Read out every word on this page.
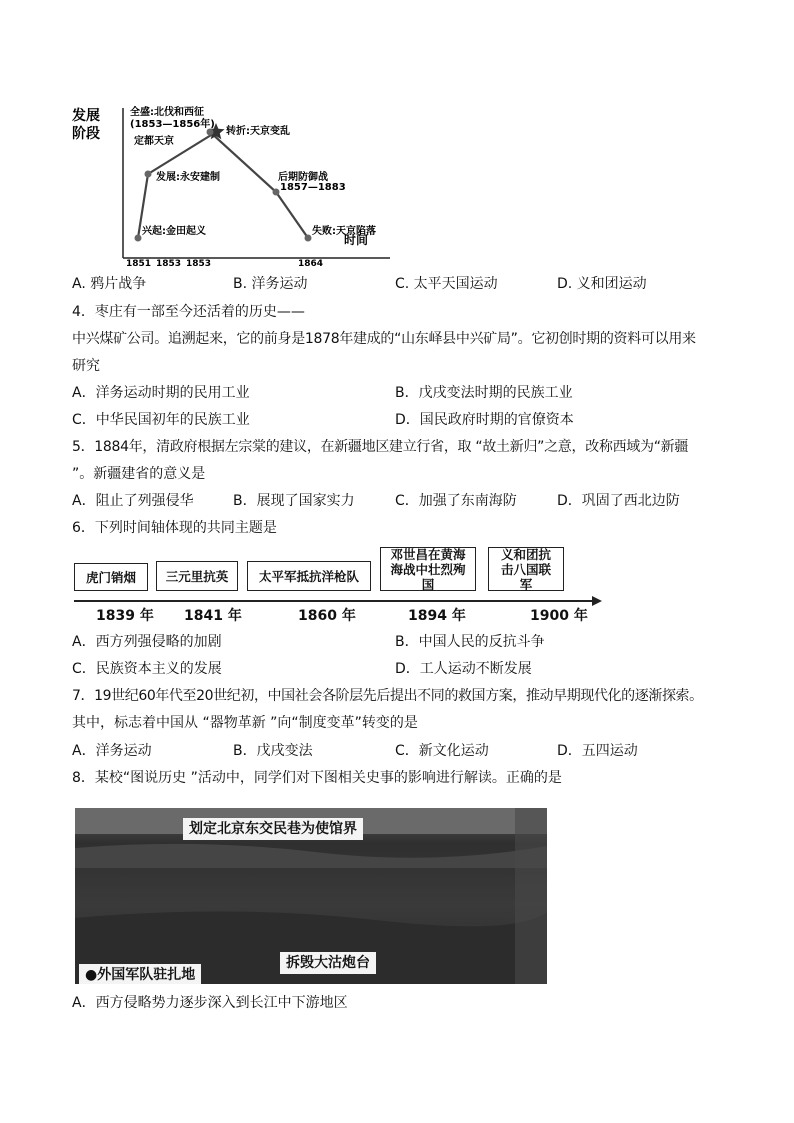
发展
阶段
时间
兴起:金田起义
发展:永安建制
定都天京
转折:天京变乱
后期防御战
失败:天京陷落
1851 1853 1853	1864
全盛:北伐和西征
(1853—1856年)
1857—1883
A. 鸦片战争	B. 洋务运动	C. 太平天国运动	D. 义和团运动
4．枣庄有一部至今还活着的历史——
中兴煤矿公司。追溯起来，它的前身是1878年建成的“山东峄县中兴矿局”。它初创时期的资料可以用来
研究
A．洋务运动时期的民用工业	B．戊戌变法时期的民族工业
C．中华民国初年的民族工业	D．国民政府时期的官僚资本
5．1884年，清政府根据左宗棠的建议，在新疆地区建立行省，取 “故土新归”之意，改称西域为“新疆
”。新疆建省的意义是
A．阻止了列强侵华	B．展现了国家实力	C．加强了东南海防	D．巩固了西北边防
6．下列时间轴体现的共同主题是
虎门销烟	三元里抗英	太平军抵抗洋枪队
邓世昌在黄海海战中壮烈殉国
义和团抗击八国联军
1839 年 1841 年	1860 年	1894 年	1900 年
A．西方列强侵略的加剧	B．中国人民的反抗斗争
C．民族资本主义的发展	D．工人运动不断发展
7．19世纪60年代至20世纪初，中国社会各阶层先后提出不同的救国方案，推动早期现代化的逐渐探索。
其中，标志着中国从 “器物革新 ”向“制度变革”转变的是
A．洋务运动	B．戊戌变法	C．新文化运动	D．五四运动
8．某校“图说历史 ”活动中，同学们对下图相关史事的影响进行解读。正确的是
划定北京东交民巷为使馆界
拆毁大沽炮台
●外国军队驻扎地
A．西方侵略势力逐步深入到长江中下游地区
